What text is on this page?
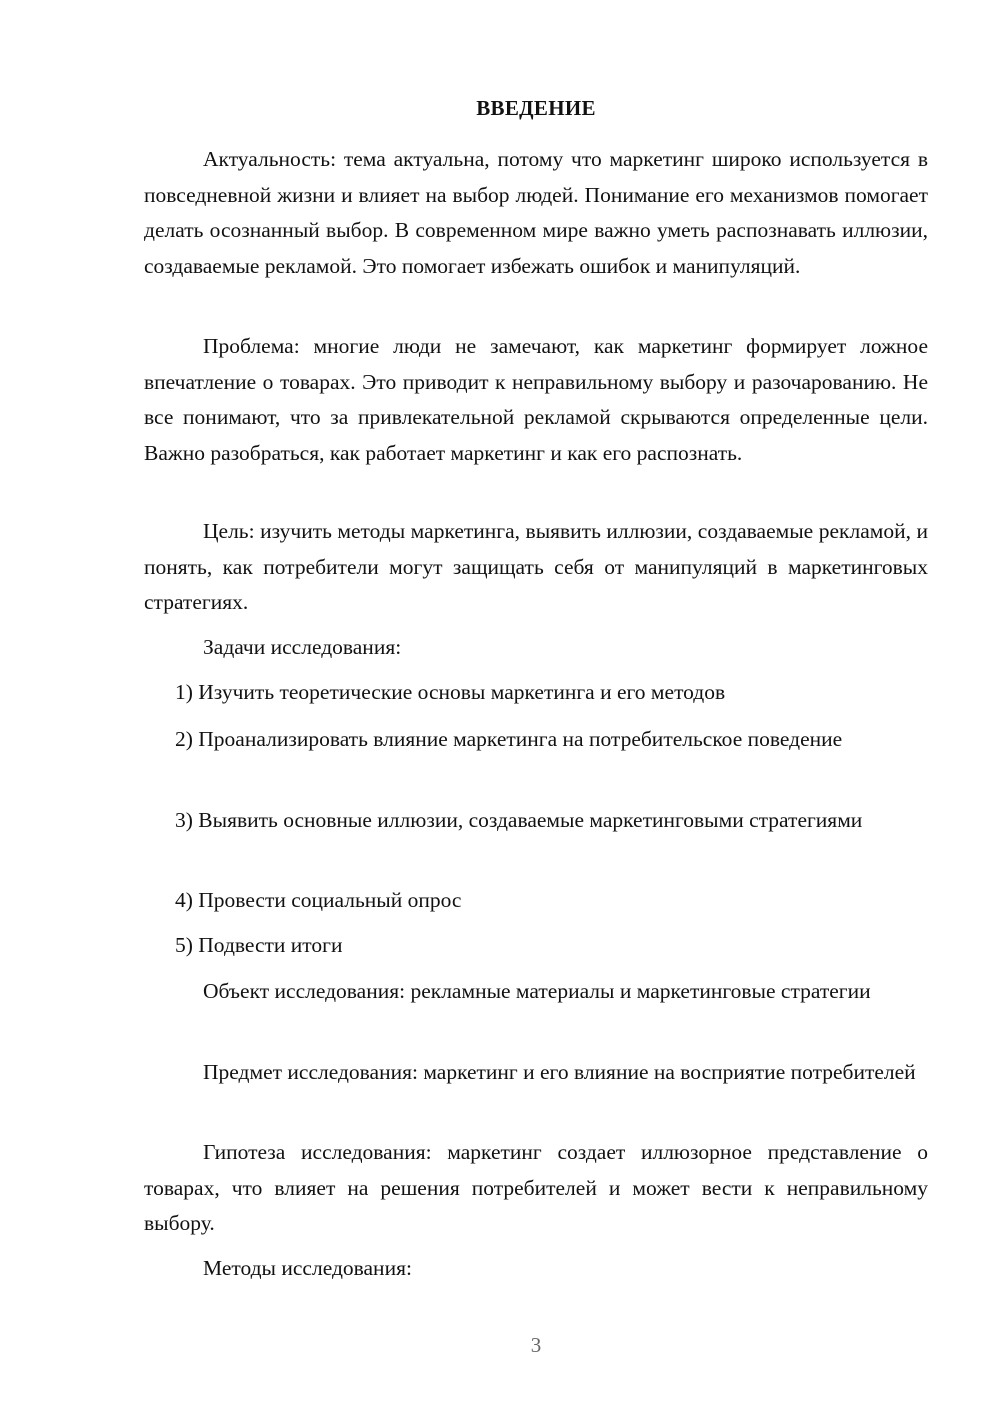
ВВЕДЕНИЕ

Актуальность: тема актуальна, потому что маркетинг широко используется в повседневной жизни и влияет на выбор людей. Понимание его механизмов помогает делать осознанный выбор. В современном мире важно уметь распознавать иллюзии, создаваемые рекламой. Это помогает избежать ошибок и манипуляций.

Проблема: многие люди не замечают, как маркетинг формирует ложное впечатление о товарах. Это приводит к неправильному выбору и разочарованию. Не все понимают, что за привлекательной рекламой скрываются определенные цели. Важно разобраться, как работает маркетинг и как его распознать.

Цель: изучить методы маркетинга, выявить иллюзии, создаваемые рекламой, и понять, как потребители могут защищать себя от манипуляций в маркетинговых стратегиях.

Задачи исследования:

1) Изучить теоретические основы маркетинга и его методов

2) Проанализировать влияние маркетинга на потребительское поведение

3) Выявить основные иллюзии, создаваемые маркетинговыми стратегиями

4) Провести социальный опрос

5) Подвести итоги

Объект исследования: рекламные материалы и маркетинговые стратегии

Предмет исследования: маркетинг и его влияние на восприятие потребителей

Гипотеза исследования: маркетинг создает иллюзорное представление о товарах, что влияет на решения потребителей и может вести к неправильному выбору.

Методы исследования:

3
